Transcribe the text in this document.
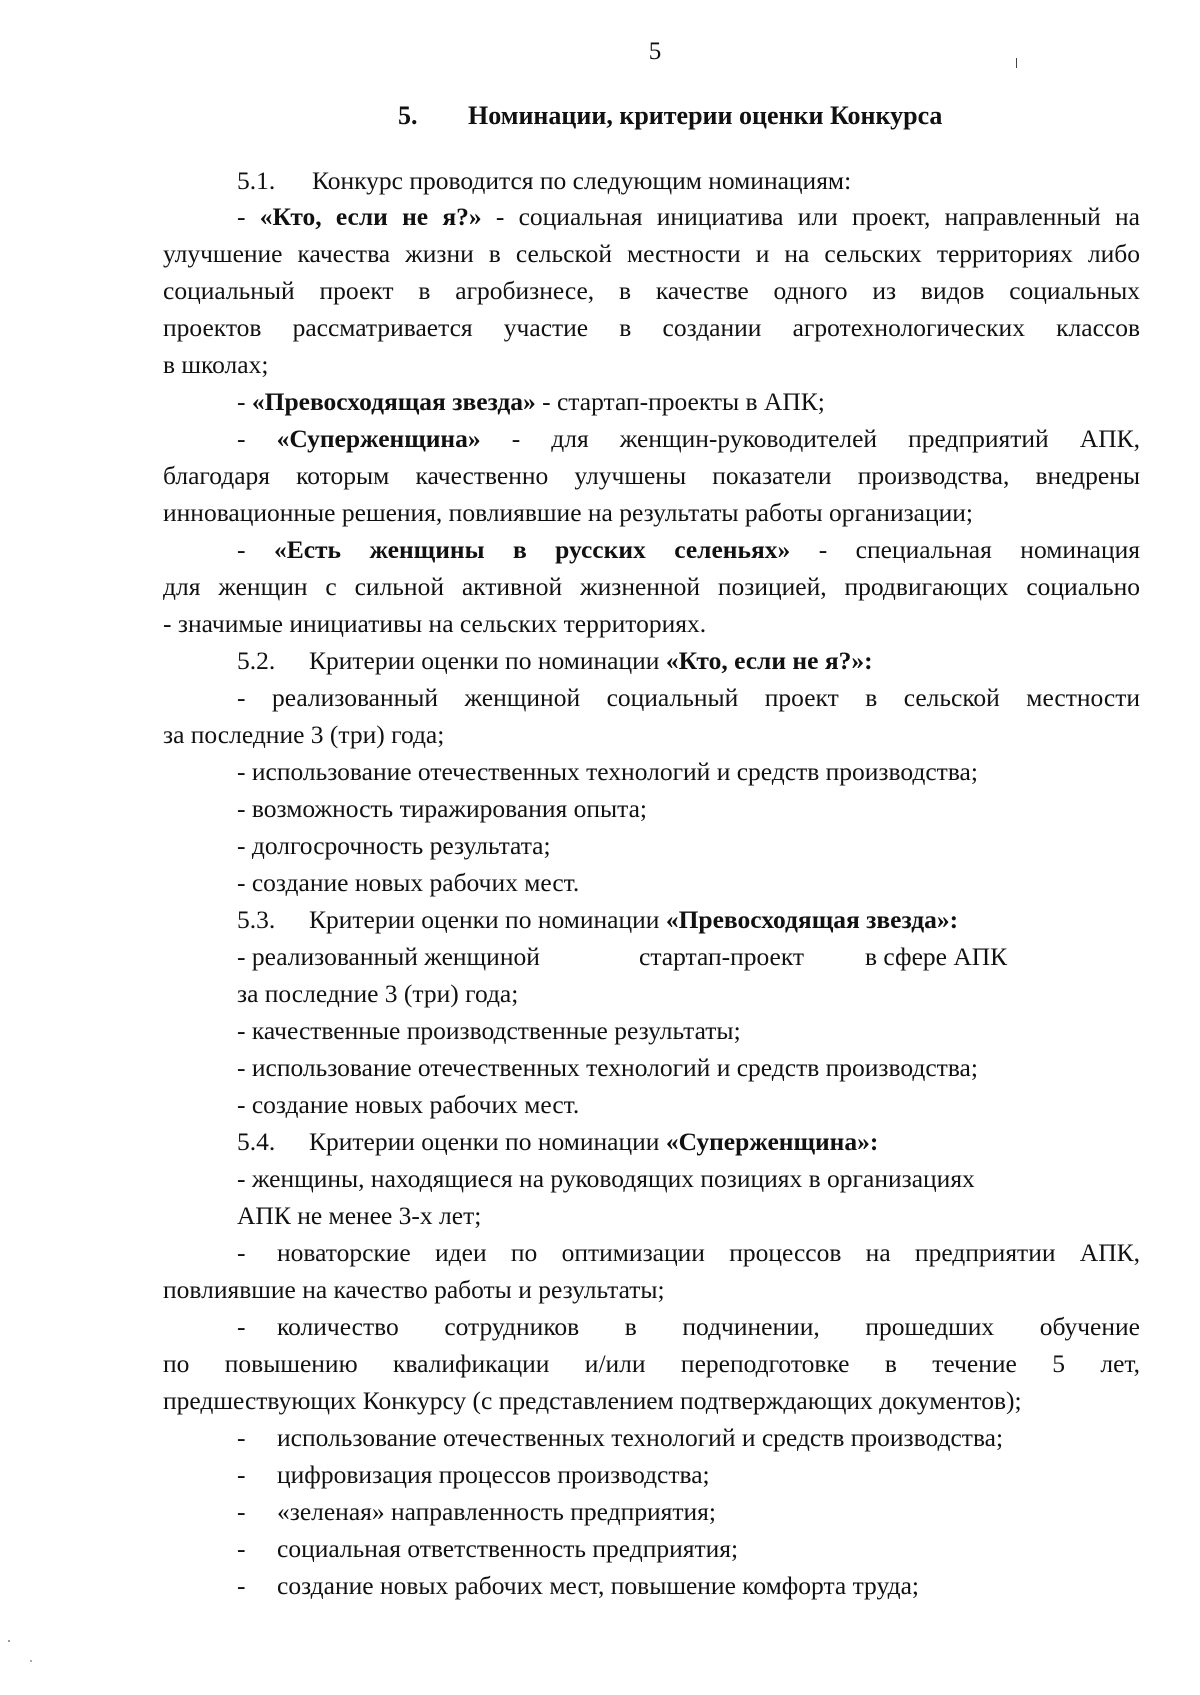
5
5. Номинации, критерии оценки Конкурса
5.1. Конкурс проводится по следующим номинациям:
- «Кто, если не я?» - социальная инициатива или проект, направленный на
улучшение качества жизни в сельской местности и на сельских территориях либо
социальный проект в агробизнесе, в качестве одного из видов социальных
проектов рассматривается участие в создании агротехнологических классов
в школах;
- «Превосходящая звезда» - стартап-проекты в АПК;
- «Суперженщина» - для женщин-руководителей предприятий АПК,
благодаря которым качественно улучшены показатели производства, внедрены
инновационные решения, повлиявшие на результаты работы организации;
- «Есть женщины в русских селеньях» - специальная номинация
для женщин с сильной активной жизненной позицией, продвигающих социально
- значимые инициативы на сельских территориях.
5.2. Критерии оценки по номинации «Кто, если не я?»:
- реализованный женщиной социальный проект в сельской местности
за последние 3 (три) года;
- использование отечественных технологий и средств производства;
- возможность тиражирования опыта;
- долгосрочность результата;
- создание новых рабочих мест.
5.3. Критерии оценки по номинации «Превосходящая звезда»:
- реализованный женщиной	стартап-проект в сфере АПК
за последние 3 (три) года;
- качественные производственные результаты;
- использование отечественных технологий и средств производства;
- создание новых рабочих мест.
5.4. Критерии оценки по номинации «Суперженщина»:
- женщины, находящиеся на руководящих позициях в организациях
АПК не менее 3-х лет;
- новаторские идеи по оптимизации процессов на предприятии АПК,
повлиявшие на качество работы и результаты;
- количество сотрудников в подчинении, прошедших обучение
по повышению квалификации и/или переподготовке в течение 5 лет,
предшествующих Конкурсу (с представлением подтверждающих документов);
- использование отечественных технологий и средств производства;
- цифровизация процессов производства;
- «зеленая» направленность предприятия;
- социальная ответственность предприятия;
- создание новых рабочих мест, повышение комфорта труда;
